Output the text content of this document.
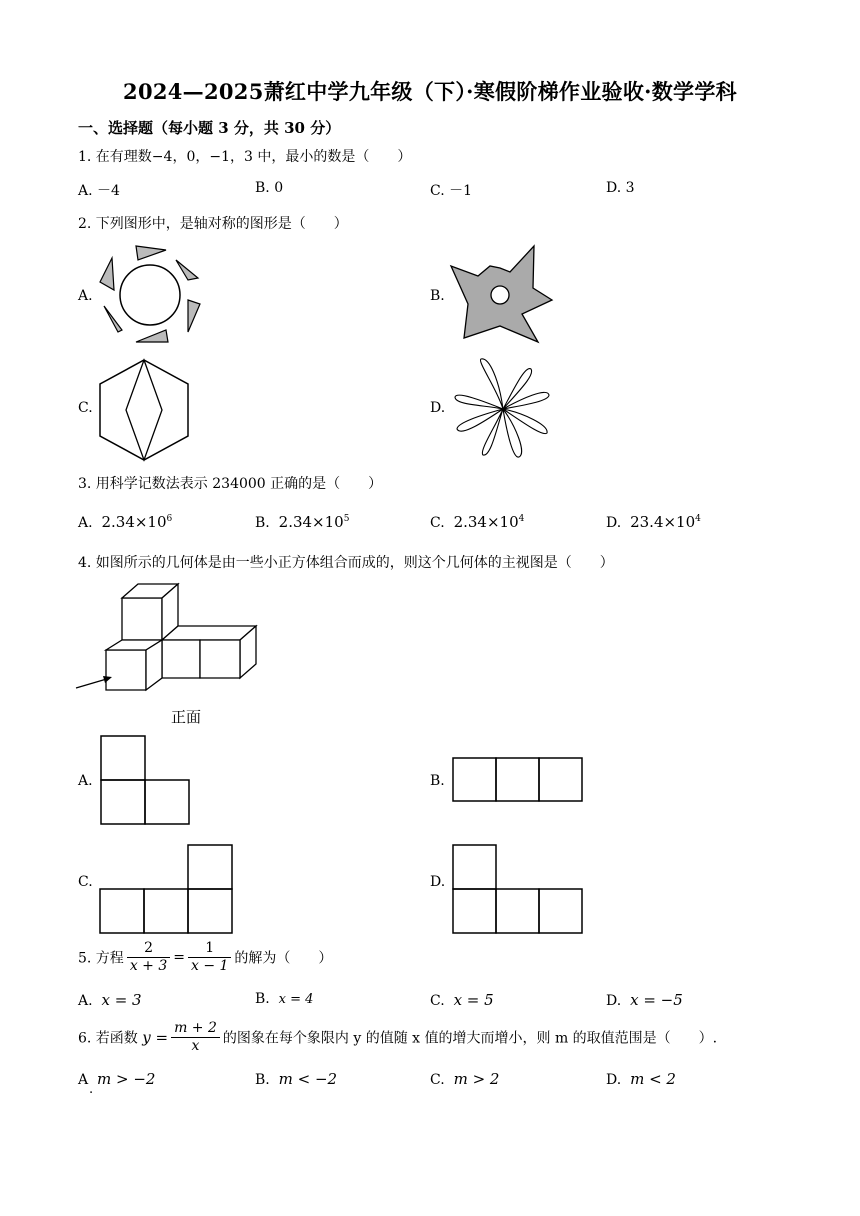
2024—2025萧红中学九年级（下）·寒假阶梯作业验收·数学学科
一、选择题（每小题 3 分，共 30 分）
1. 在有理数−4，0，−1，3 中，最小的数是（　　）
A. －4	B. 0	C. －1	D. 3
2. 下列图形中，是轴对称的图形是（　　）
A.	B.
C.	D.
3. 用科学记数法表示 234000 正确的是（　　）
A. $2.34\times 10^6$	B. $2.34\times 10^5$	C. $2.34\times 10^4$	D. $23.4\times 10^4$
4. 如图所示的几何体是由一些小正方体组合而成的，则这个几何体的主视图是（　　）
正面
A.	B.
C.	D.
5. 方程 $\frac{2}{x + 3} = \frac{1}{x - 1}$ 的解为（　　）
A. x = 3	B. x = 4	C. x = 5	D. x = −5
6. 若函数 $y = \frac{m + 2}{x}$ 的图象在每个象限内 y 的值随 x 值的增大而增小，则 m 的取值范围是（　　）.
A m > −2
.
B. m < −2	C. m > 2	D. m < 2
